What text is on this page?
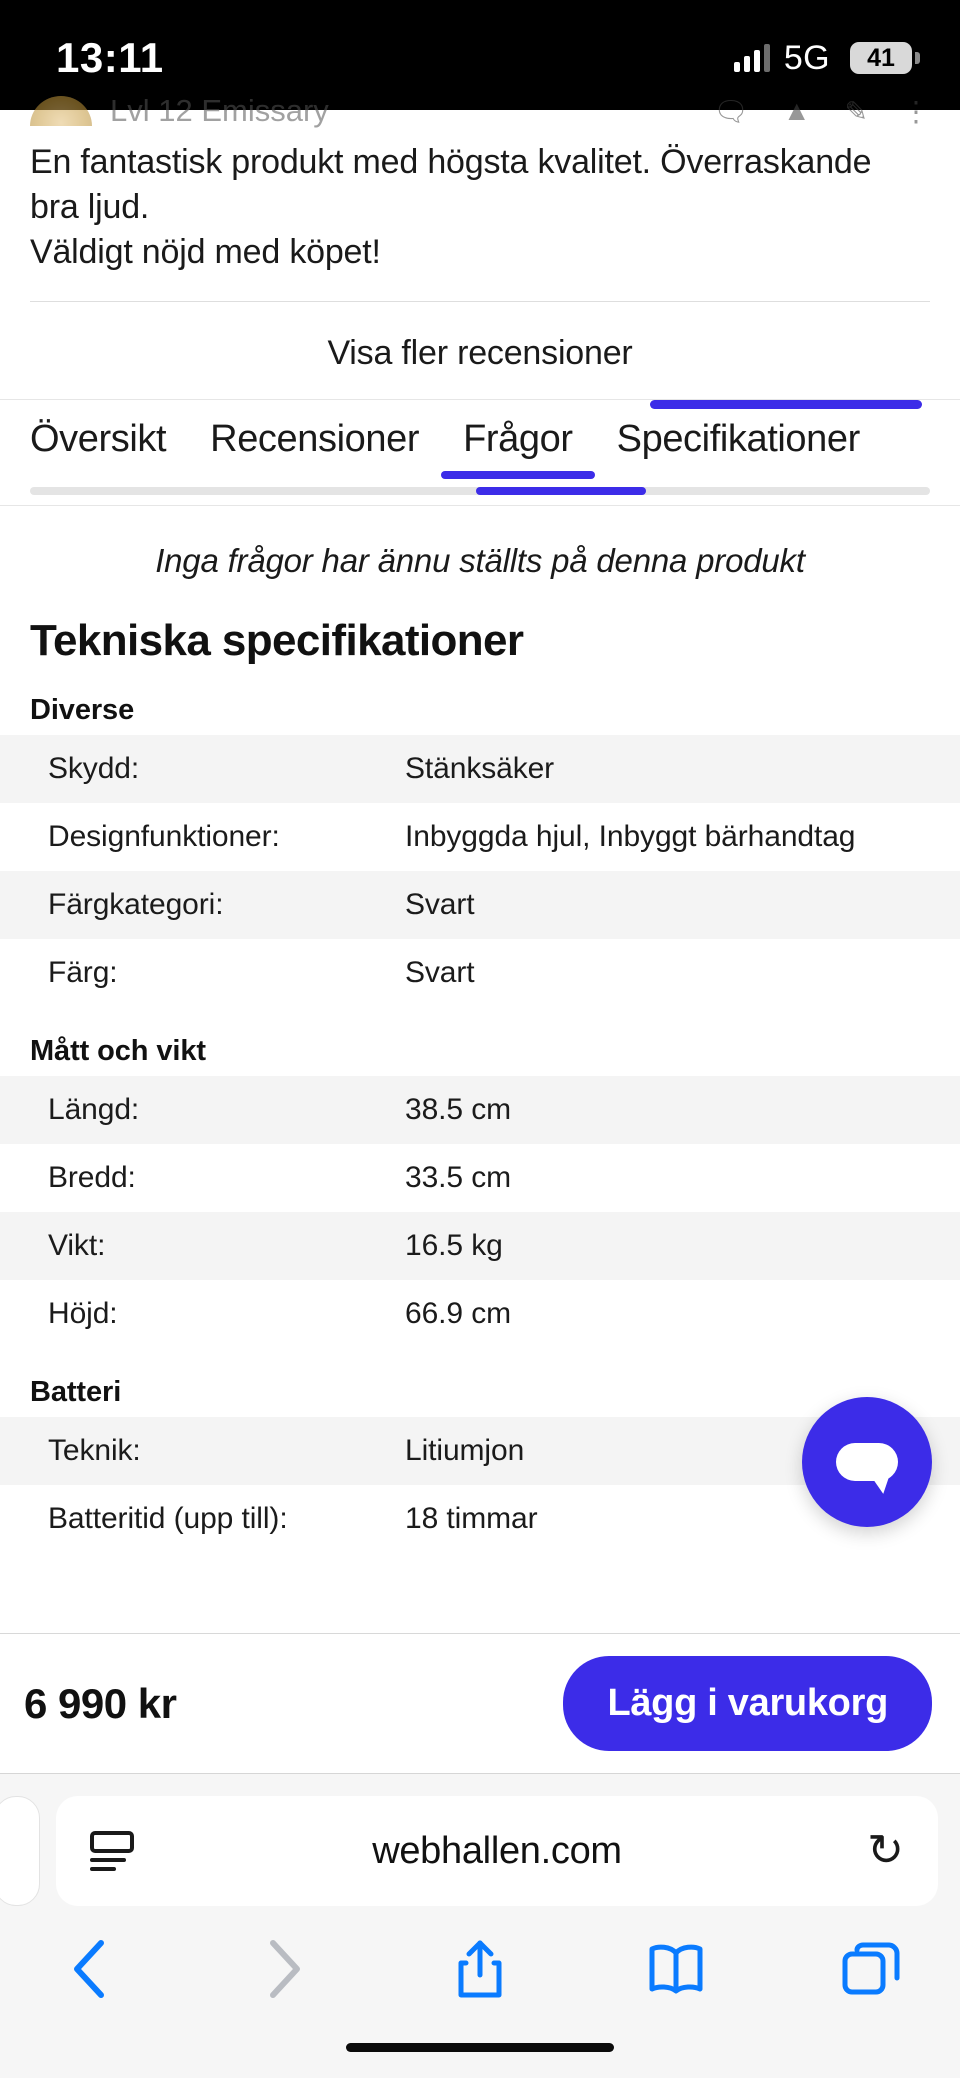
13:11	5G 41
Lvl 12 Emissary	🗨 ▲ ✎ ⋮

En fantastisk produkt med högsta kvalitet. Överraskande

bra ljud.

Väldigt nöjd med köpet!

Visa fler recensioner
Översikt	Recensioner	Frågor	Specifikationer
Inga frågor har ännu ställts på denna produkt
Tekniska specifikationer
Diverse
Skydd:	Stänksäker
Designfunktioner:	Inbyggda hjul, Inbyggt bärhandtag
Färgkategori:	Svart
Färg:	Svart
Mått och vikt
Längd:	38.5 cm
Bredd:	33.5 cm
Vikt:	16.5 kg
Höjd:	66.9 cm
Batteri
Teknik:	Litiumjon
Batteritid (upp till):	18 timmar
6 990 kr	Lägg i varukorg
webhallen.com	↻
